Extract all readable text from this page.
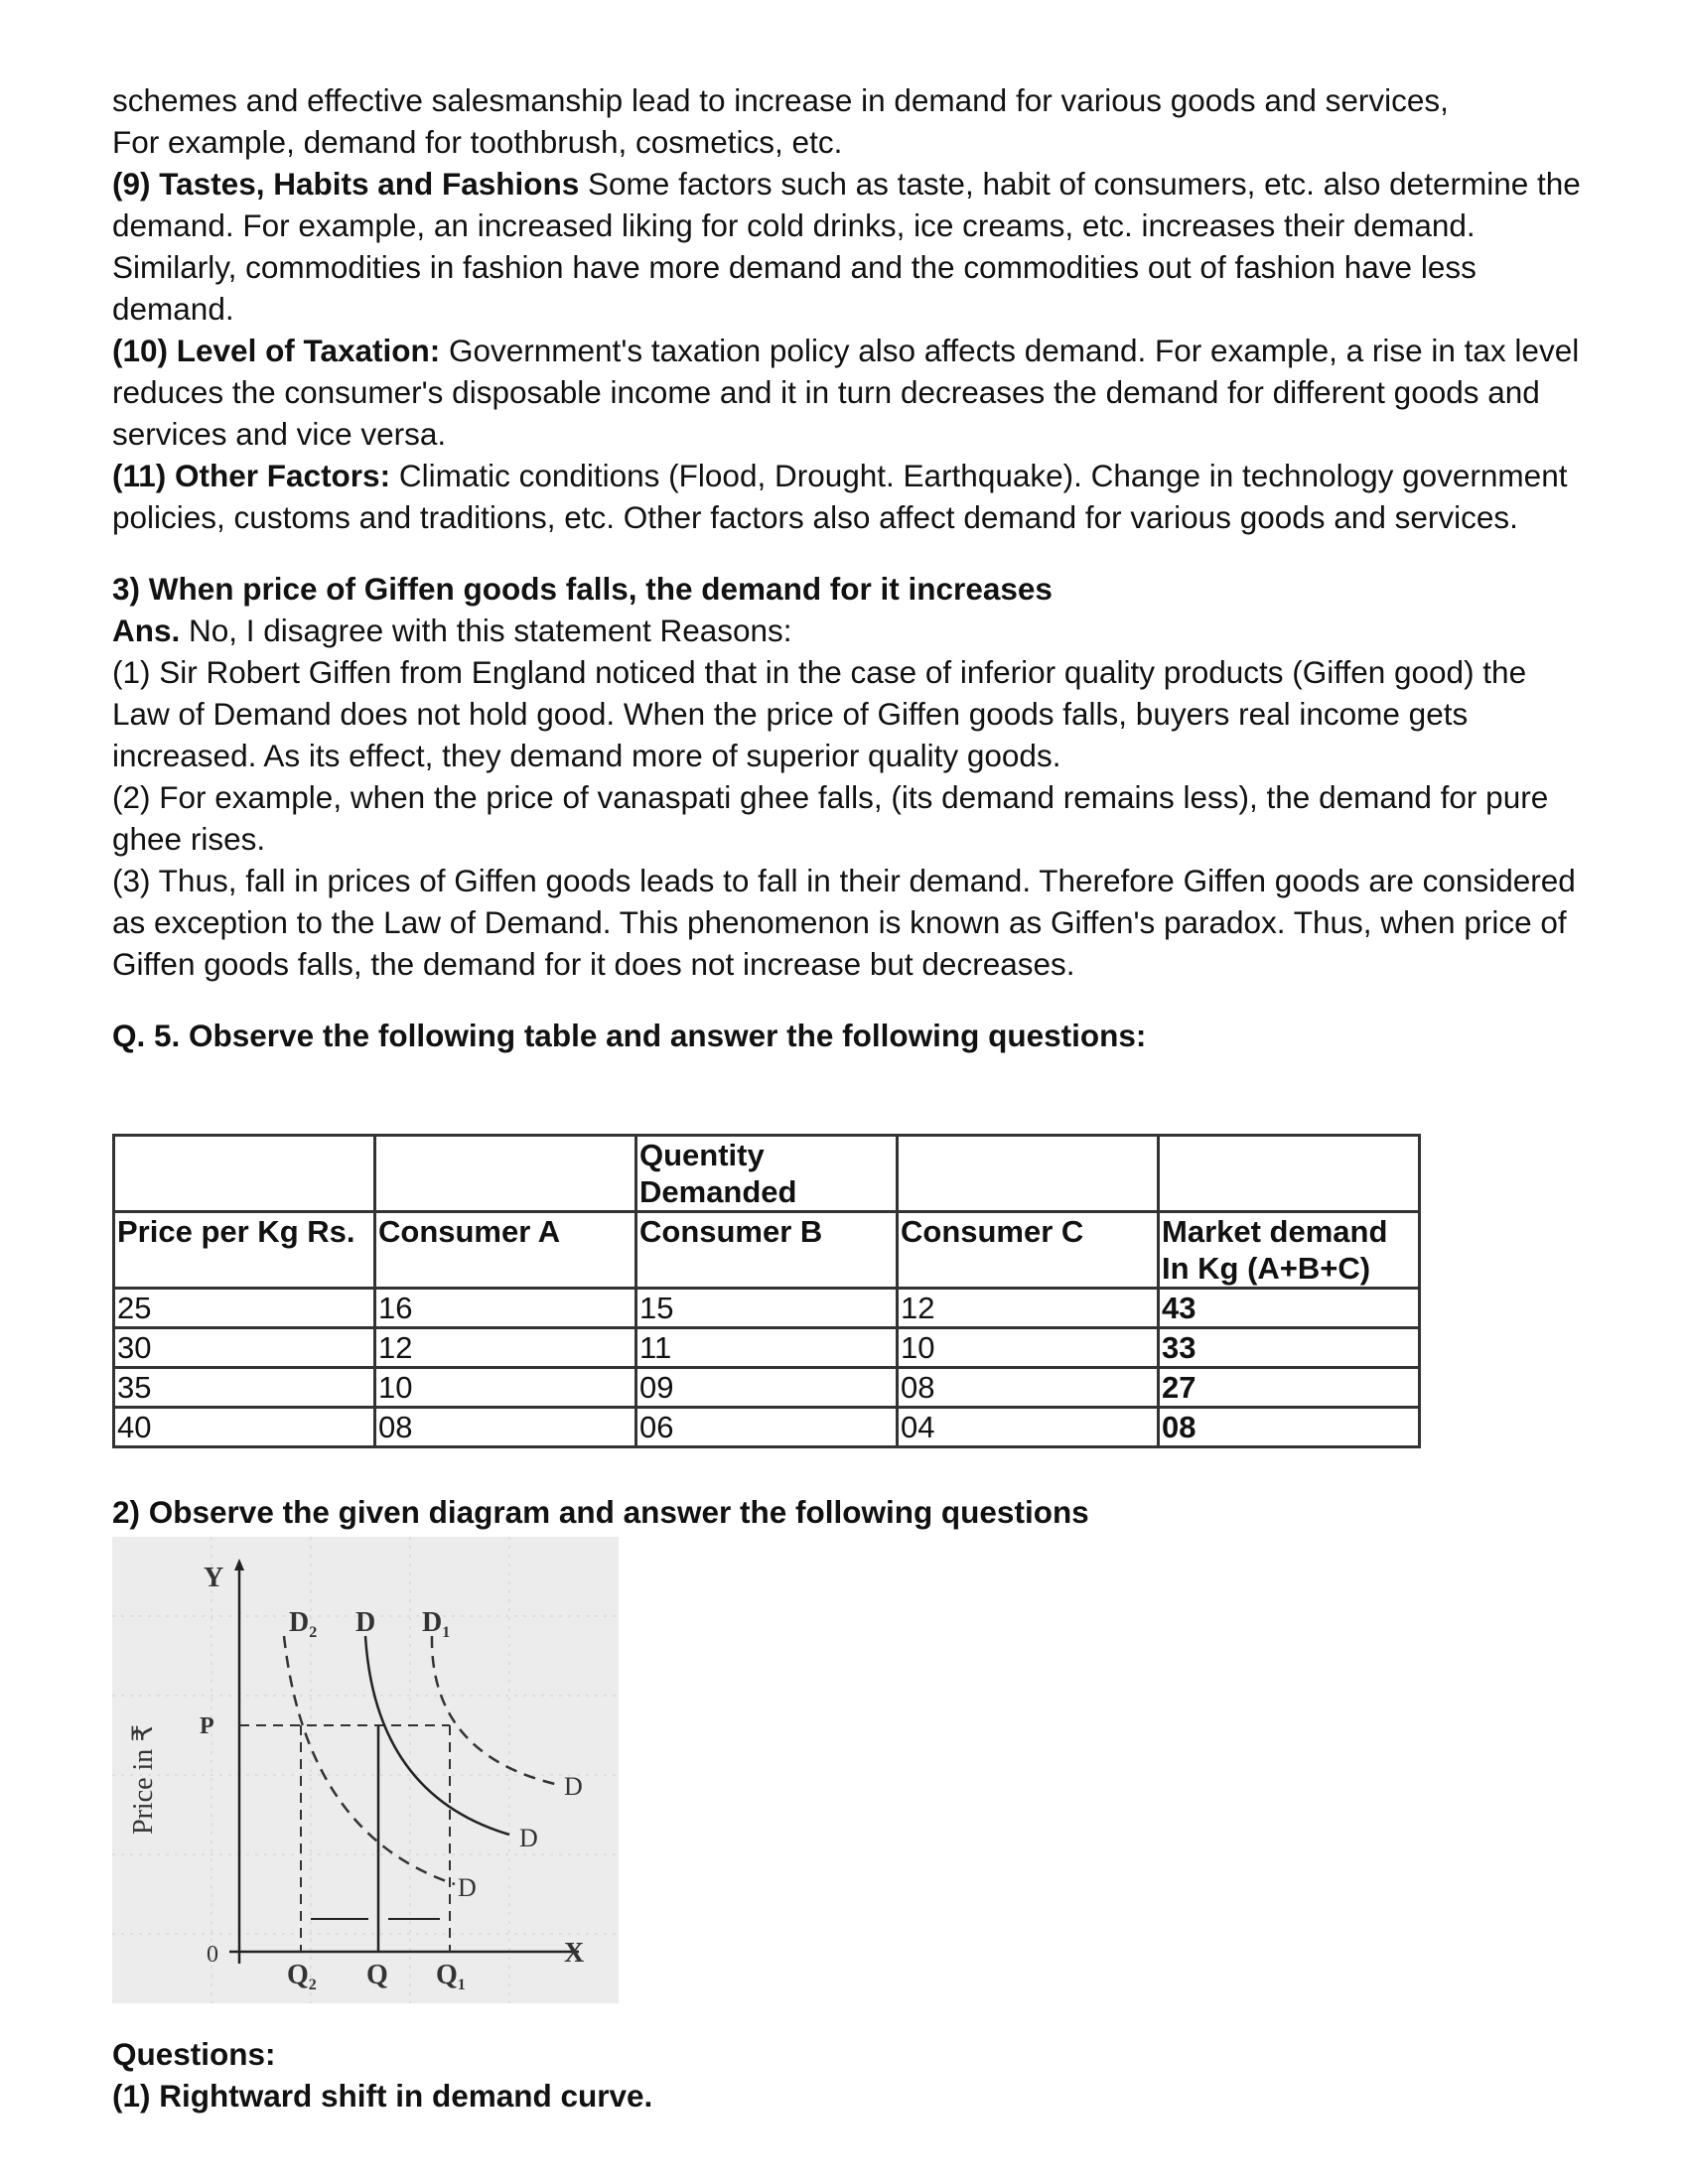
schemes and effective salesmanship lead to increase in demand for various goods and services,

For example, demand for toothbrush, cosmetics, etc.

(9) Tastes, Habits and Fashions Some factors such as taste, habit of consumers, etc. also determine the demand. For example, an increased liking for cold drinks, ice creams, etc. increases their demand. Similarly, commodities in fashion have more demand and the commodities out of fashion have less demand.

(10) Level of Taxation: Government's taxation policy also affects demand. For example, a rise in tax level reduces the consumer's disposable income and it in turn decreases the demand for different goods and services and vice versa.

(11) Other Factors: Climatic conditions (Flood, Drought. Earthquake). Change in technology government policies, customs and traditions, etc. Other factors also affect demand for various goods and services.

3) When price of Giffen goods falls, the demand for it increases

Ans. No, I disagree with this statement Reasons:

(1) Sir Robert Giffen from England noticed that in the case of inferior quality products (Giffen good) the Law of Demand does not hold good. When the price of Giffen goods falls, buyers real income gets increased. As its effect, they demand more of superior quality goods.

(2) For example, when the price of vanaspati ghee falls, (its demand remains less), the demand for pure ghee rises.

(3) Thus, fall in prices of Giffen goods leads to fall in their demand. Therefore Giffen goods are considered as exception to the Law of Demand. This phenomenon is known as Giffen's paradox. Thus, when price of Giffen goods falls, the demand for it does not increase but decreases.

Q. 5. Observe the following table and answer the following questions:

		Quentity Demanded		
Price per Kg Rs.	Consumer A	Consumer B	Consumer C	Market demand In Kg (A+B+C)
25	16	15	12	43
30	12	11	10	33
35	10	09	08	27
40	08	06	04	08

2) Observe the given diagram and answer the following questions

Y
X
0
Price in ₹ P
$D_2$ D $D_1$
D
D
D
$Q_2$ Q $Q_1$

Questions:

(1) Rightward shift in demand curve.
